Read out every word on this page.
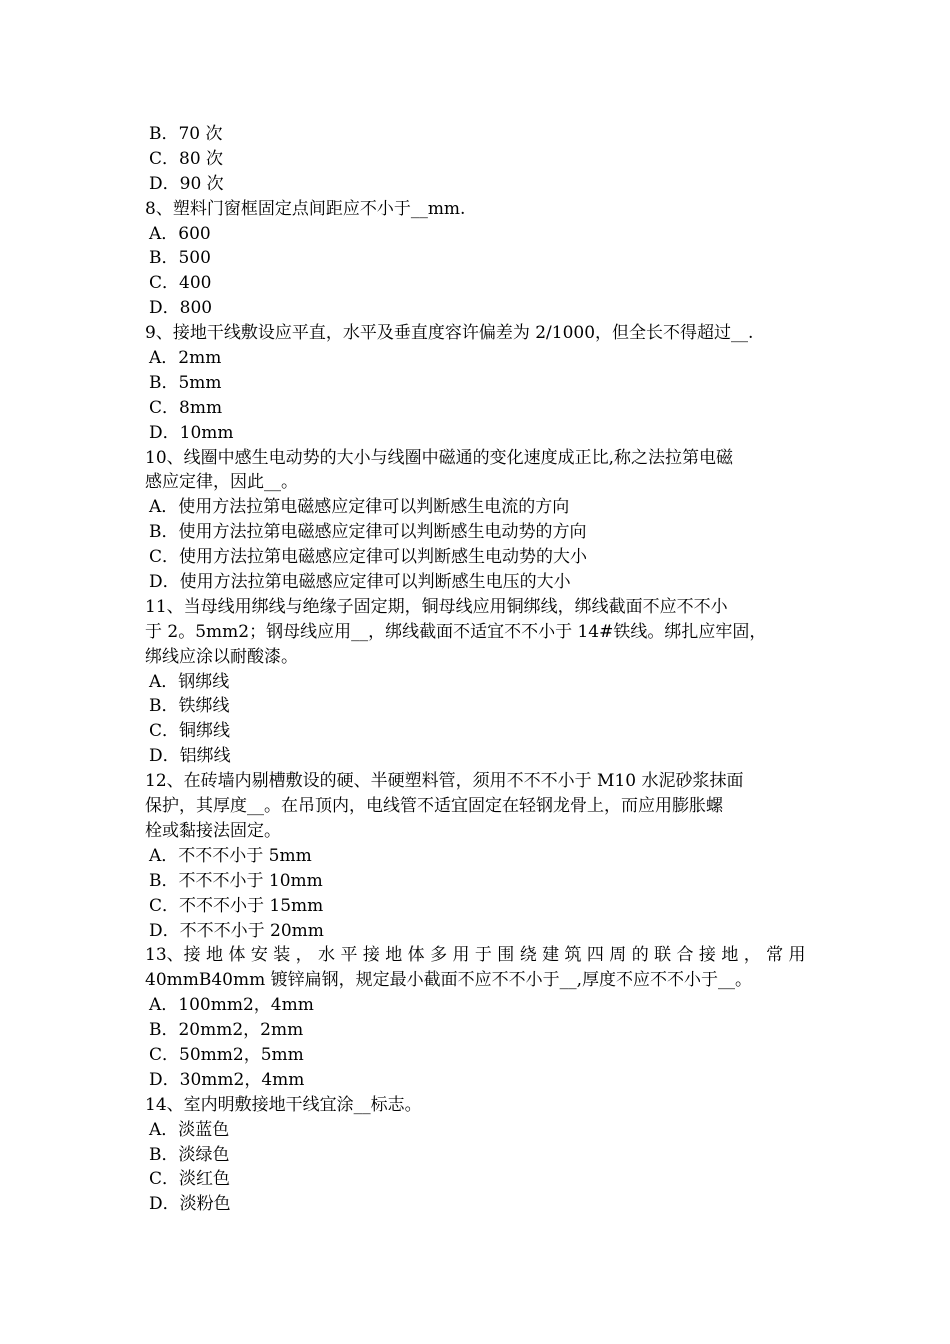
B．70 次
C．80 次
D．90 次
8、塑料门窗框固定点间距应不小于__mm.
A．600
B．500
C．400
D．800
9、接地干线敷设应平直，水平及垂直度容许偏差为 2/1000，但全长不得超过__.
A．2mm
B．5mm
C．8mm
D．10mm
10、线圈中感生电动势的大小与线圈中磁通的变化速度成正比,称之法拉第电磁
感应定律，因此__。
A．使用方法拉第电磁感应定律可以判断感生电流的方向
B．使用方法拉第电磁感应定律可以判断感生电动势的方向
C．使用方法拉第电磁感应定律可以判断感生电动势的大小
D．使用方法拉第电磁感应定律可以判断感生电压的大小
11、当母线用绑线与绝缘子固定期，铜母线应用铜绑线，绑线截面不应不不小
于 2。5mm2；钢母线应用__，绑线截面不适宜不不小于 14#铁线。绑扎应牢固，
绑线应涂以耐酸漆。
A．钢绑线
B．铁绑线
C．铜绑线
D．铝绑线
12、在砖墙内剔槽敷设的硬、半硬塑料管，须用不不不小于 M10 水泥砂浆抹面
保护，其厚度__。在吊顶内，电线管不适宜固定在轻钢龙骨上，而应用膨胀螺
栓或黏接法固定。
A．不不不小于 5mm
B．不不不小于 10mm
C．不不不小于 15mm
D．不不不小于 20mm
13、接 地 体 安 装 ， 水 平 接 地 体 多 用 于 围 绕 建 筑 四 周 的 联 合 接 地 ， 常 用
40mmB40mm 镀锌扁钢，规定最小截面不应不不小于__,厚度不应不不小于__。
A．100mm2，4mm
B．20mm2，2mm
C．50mm2，5mm
D．30mm2，4mm
14、室内明敷接地干线宜涂__标志。
A．淡蓝色
B．淡绿色
C．淡红色
D．淡粉色
